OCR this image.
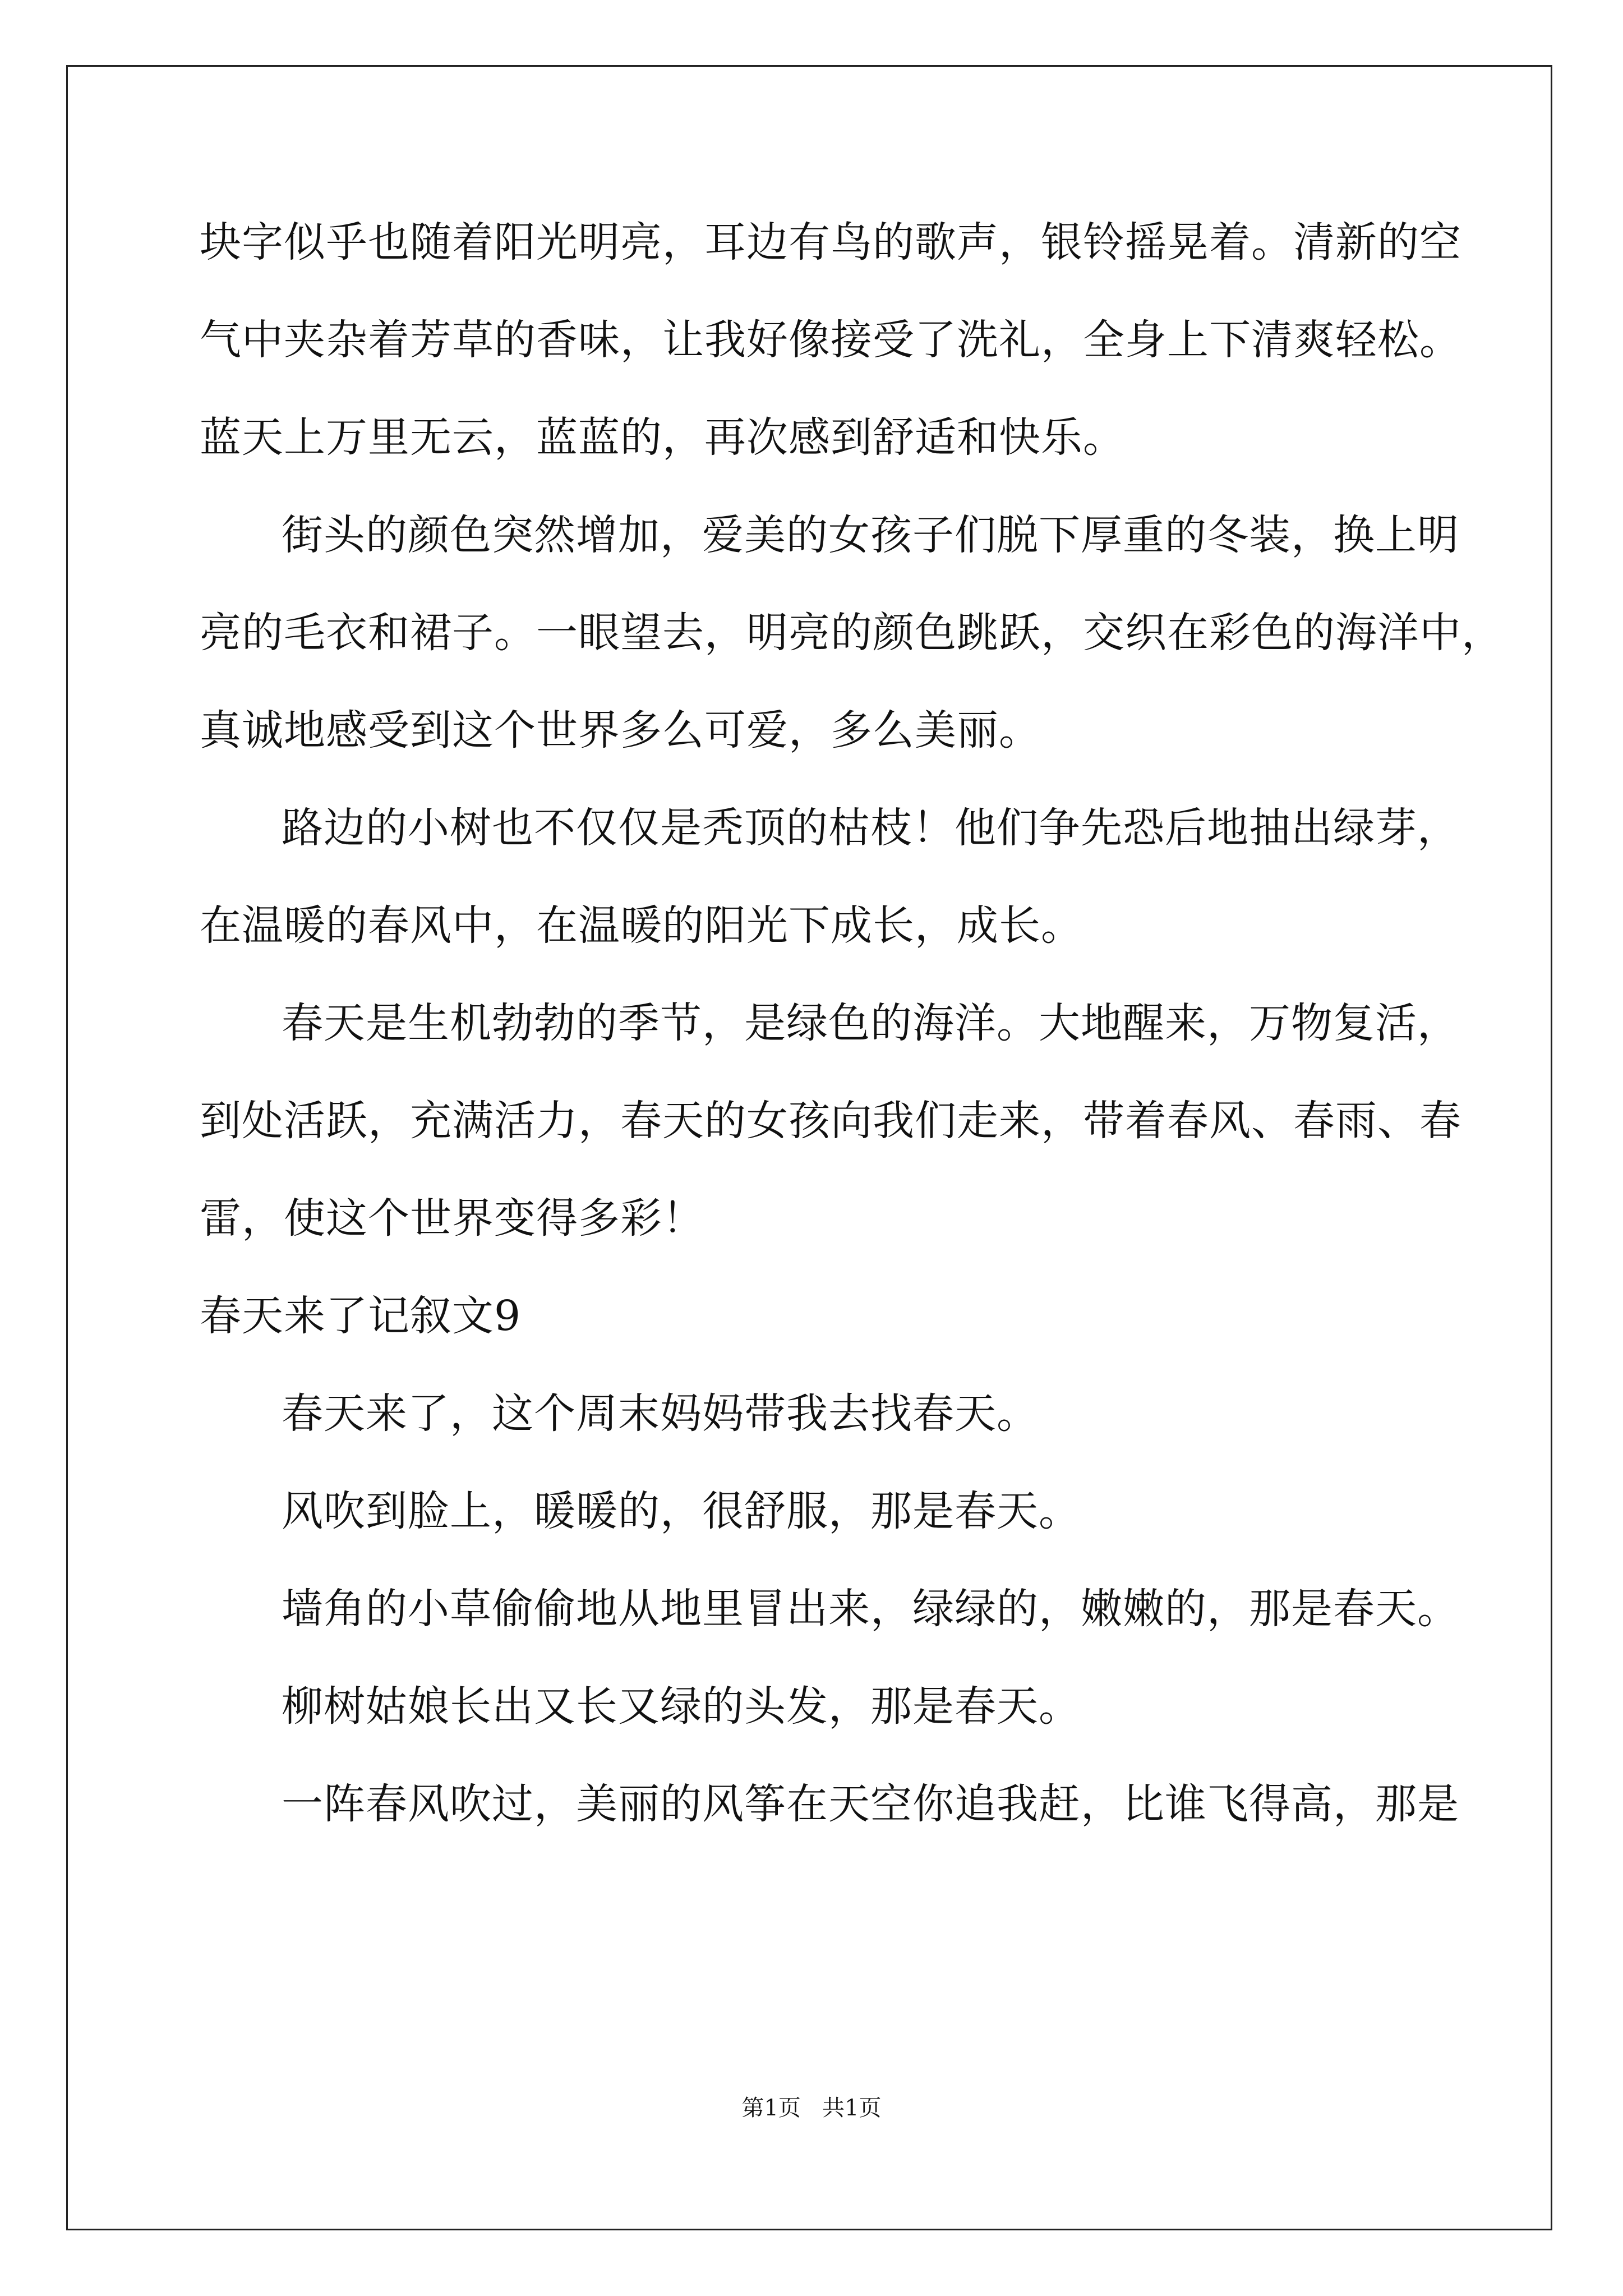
块字似乎也随着阳光明亮，耳边有鸟的歌声，银铃摇晃着。清新的空
气中夹杂着芳草的香味，让我好像接受了洗礼，全身上下清爽轻松。
蓝天上万里无云，蓝蓝的，再次感到舒适和快乐。
街头的颜色突然增加，爱美的女孩子们脱下厚重的冬装，换上明
亮的毛衣和裙子。一眼望去，明亮的颜色跳跃，交织在彩色的海洋中，
真诚地感受到这个世界多么可爱，多么美丽。
路边的小树也不仅仅是秃顶的枯枝！他们争先恐后地抽出绿芽，
在温暖的春风中，在温暖的阳光下成长，成长。
春天是生机勃勃的季节，是绿色的海洋。大地醒来，万物复活，
到处活跃，充满活力，春天的女孩向我们走来，带着春风、春雨、春
雷，使这个世界变得多彩！
春天来了记叙文9
春天来了，这个周末妈妈带我去找春天。
风吹到脸上，暖暖的，很舒服，那是春天。
墙角的小草偷偷地从地里冒出来，绿绿的，嫩嫩的，那是春天。
柳树姑娘长出又长又绿的头发，那是春天。
一阵春风吹过，美丽的风筝在天空你追我赶，比谁飞得高，那是
第1页   共1页
